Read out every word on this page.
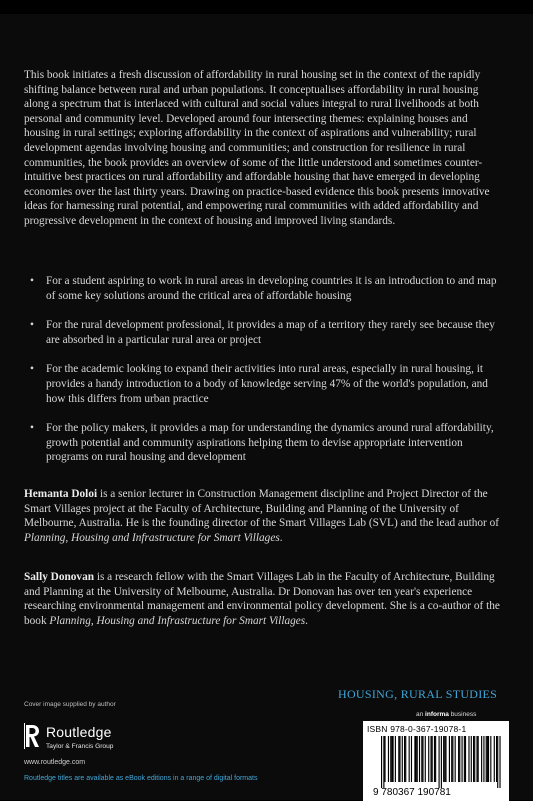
This book initiates a fresh discussion of affordability in rural housing set in the context of the rapidly shifting balance between rural and urban populations. It conceptualises affordability in rural housing along a spectrum that is interlaced with cultural and social values integral to rural livelihoods at both personal and community level. Developed around four intersecting themes: explaining houses and housing in rural settings; exploring affordability in the context of aspirations and vulnerability; rural development agendas involving housing and communities; and construction for resilience in rural communities, the book provides an overview of some of the little understood and sometimes counter-intuitive best practices on rural affordability and affordable housing that have emerged in developing economies over the last thirty years. Drawing on practice-based evidence this book presents innovative ideas for harnessing rural potential, and empowering rural communities with added affordability and progressive development in the context of housing and improved living standards.

• For a student aspiring to work in rural areas in developing countries it is an introduction to and map of some key solutions around the critical area of affordable housing
• For the rural development professional, it provides a map of a territory they rarely see because they are absorbed in a particular rural area or project
• For the academic looking to expand their activities into rural areas, especially in rural housing, it provides a handy introduction to a body of knowledge serving 47% of the world's population, and how this differs from urban practice
• For the policy makers, it provides a map for understanding the dynamics around rural affordability, growth potential and community aspirations helping them to devise appropriate intervention programs on rural housing and development

Hemanta Doloi is a senior lecturer in Construction Management discipline and Project Director of the Smart Villages project at the Faculty of Architecture, Building and Planning of the University of Melbourne, Australia. He is the founding director of the Smart Villages Lab (SVL) and the lead author of Planning, Housing and Infrastructure for Smart Villages.

Sally Donovan is a research fellow with the Smart Villages Lab in the Faculty of Architecture, Building and Planning at the University of Melbourne, Australia. Dr Donovan has over ten year's experience researching environmental management and environmental policy development. She is a co-author of the book Planning, Housing and Infrastructure for Smart Villages.

Cover image supplied by author
Routledge
Taylor & Francis Group
www.routledge.com
Routledge titles are available as eBook editions in a range of digital formats
HOUSING, RURAL STUDIES
an informa business
ISBN 978-0-367-19078-1
9 780367 190781
